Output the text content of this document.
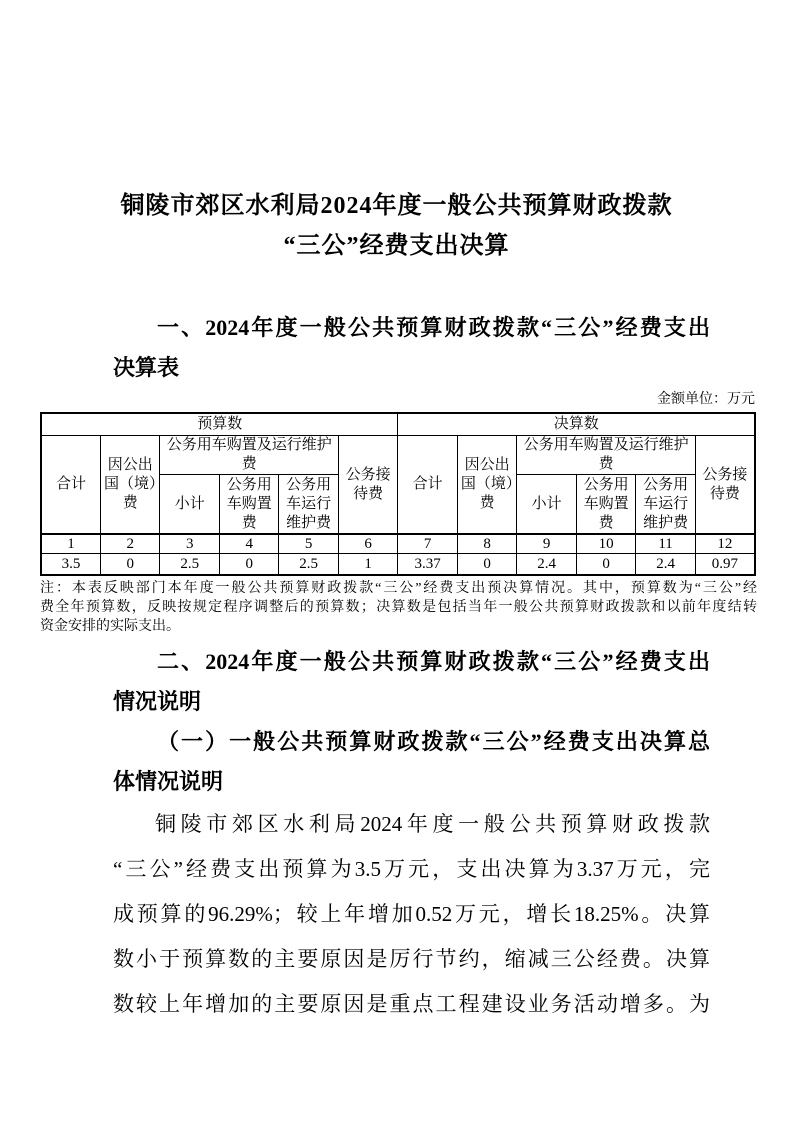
铜陵市郊区水利局2024年度一般公共预算财政拨款
“三公”经费支出决算
一、2024年度一般公共预算财政拨款“三公”经费支出
决算表
金额单位：万元
预算数						决算数					
合计	因公出国（境）费	公务用车购置及运行维护费			公务接待费	合计	因公出国（境）费	公务用车购置及运行维护费			公务接待费
		小计	公务用车购置费	公务用车运行维护费				小计	公务用车购置费	公务用车运行维护费	
1	2	3	4	5	6	7	8	9	10	11	12
3.5	0	2.5	0	2.5	1	3.37	0	2.4	0	2.4	0.97
注：本表反映部门本年度一般公共预算财政拨款“三公”经费支出预决算情况。其中，预算数为“三公”经
费全年预算数，反映按规定程序调整后的预算数；决算数是包括当年一般公共预算财政拨款和以前年度结转
资金安排的实际支出。
二、2024年度一般公共预算财政拨款“三公”经费支出
情况说明
（一）一般公共预算财政拨款“三公”经费支出决算总
体情况说明
铜陵市郊区水利局2024年度一般公共预算财政拨款
“三公”经费支出预算为3.5万元，支出决算为3.37万元，完
成预算的96.29%；较上年增加0.52万元，增长18.25%。决算
数小于预算数的主要原因是厉行节约，缩减三公经费。决算
数较上年增加的主要原因是重点工程建设业务活动增多。为
